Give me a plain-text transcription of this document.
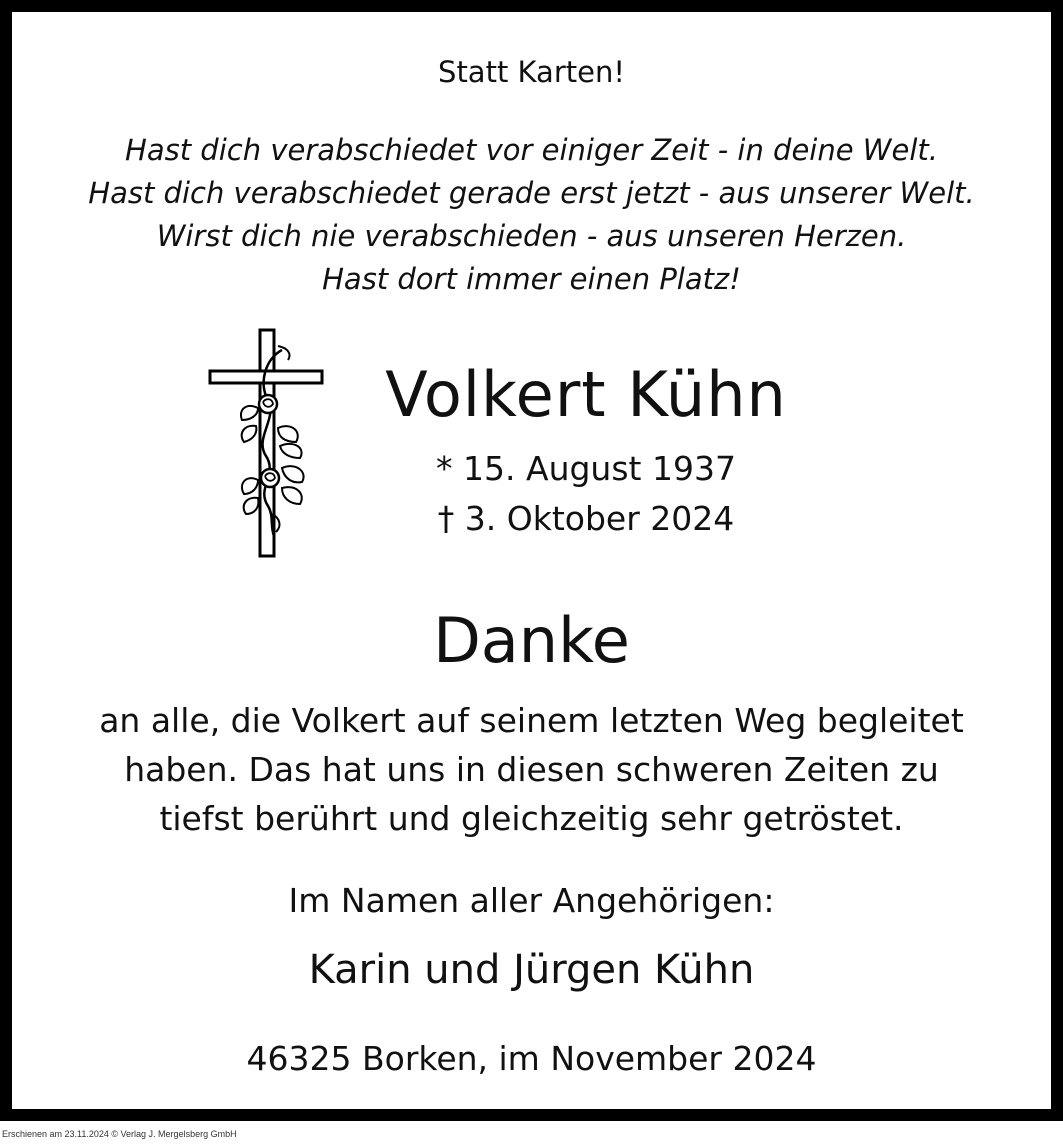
Statt Karten!
Hast dich verabschiedet vor einiger Zeit - in deine Welt.
Hast dich verabschiedet gerade erst jetzt - aus unserer Welt.
Wirst dich nie verabschieden - aus unseren Herzen.
Hast dort immer einen Platz!
Volkert Kühn
* 15. August 1937
† 3. Oktober 2024
Danke
an alle, die Volkert auf seinem letzten Weg begleitet
haben. Das hat uns in diesen schweren Zeiten zu
tiefst berührt und gleichzeitig sehr getröstet.
Im Namen aller Angehörigen:
Karin und Jürgen Kühn
46325 Borken, im November 2024
Erschienen am 23.11.2024 © Verlag J. Mergelsberg GmbH
